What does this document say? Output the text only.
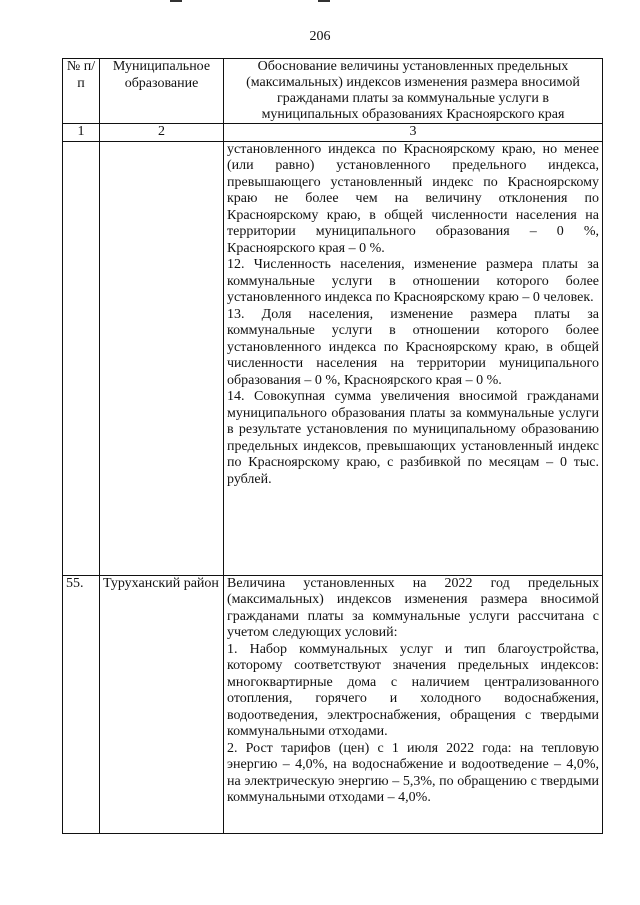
206
№ п/п	Муниципальное образование	Обоснование величины установленных предельных (максимальных) индексов изменения размера вносимой гражданами платы за коммунальные услуги в муниципальных образованиях Красноярского края
1	2	3

		установленного индекса по Красноярскому краю, но менее (или равно) установленного предельного индекса, превышающего установленный индекс по Красноярскому краю не более чем на величину отклонения по Красноярскому краю, в общей численности населения на территории муниципального образования – 0 %, Красноярского края – 0 %.

12. Численность населения, изменение размера платы за коммунальные услуги в отношении которого более установленного индекса по Красноярскому краю – 0 человек.

13. Доля населения, изменение размера платы за коммунальные услуги в отношении которого более установленного индекса по Красноярскому краю, в общей численности населения на территории муниципального образования – 0 %, Красноярского края – 0 %.

14. Совокупная сумма увеличения вносимой гражданами муниципального образования платы за коммунальные услуги в результате установления по муниципальному образованию предельных индексов, превышающих установленный индекс по Красноярскому краю, с разбивкой по месяцам – 0 тыс. рублей.

55.	Туруханский район	Величина установленных на 2022 год предельных (максимальных) индексов изменения размера вносимой гражданами платы за коммунальные услуги рассчитана с учетом следующих условий:

1. Набор коммунальных услуг и тип благоустройства, которому соответствуют значения предельных индексов: многоквартирные дома с наличием централизованного отопления, горячего и холодного водоснабжения, водоотведения, электроснабжения, обращения с твердыми коммунальными отходами.

2. Рост тарифов (цен) с 1 июля 2022 года: на тепловую энергию – 4,0%, на водоснабжение и водоотведение – 4,0%, на электрическую энергию – 5,3%, по обращению с твердыми коммунальными отходами – 4,0%.
